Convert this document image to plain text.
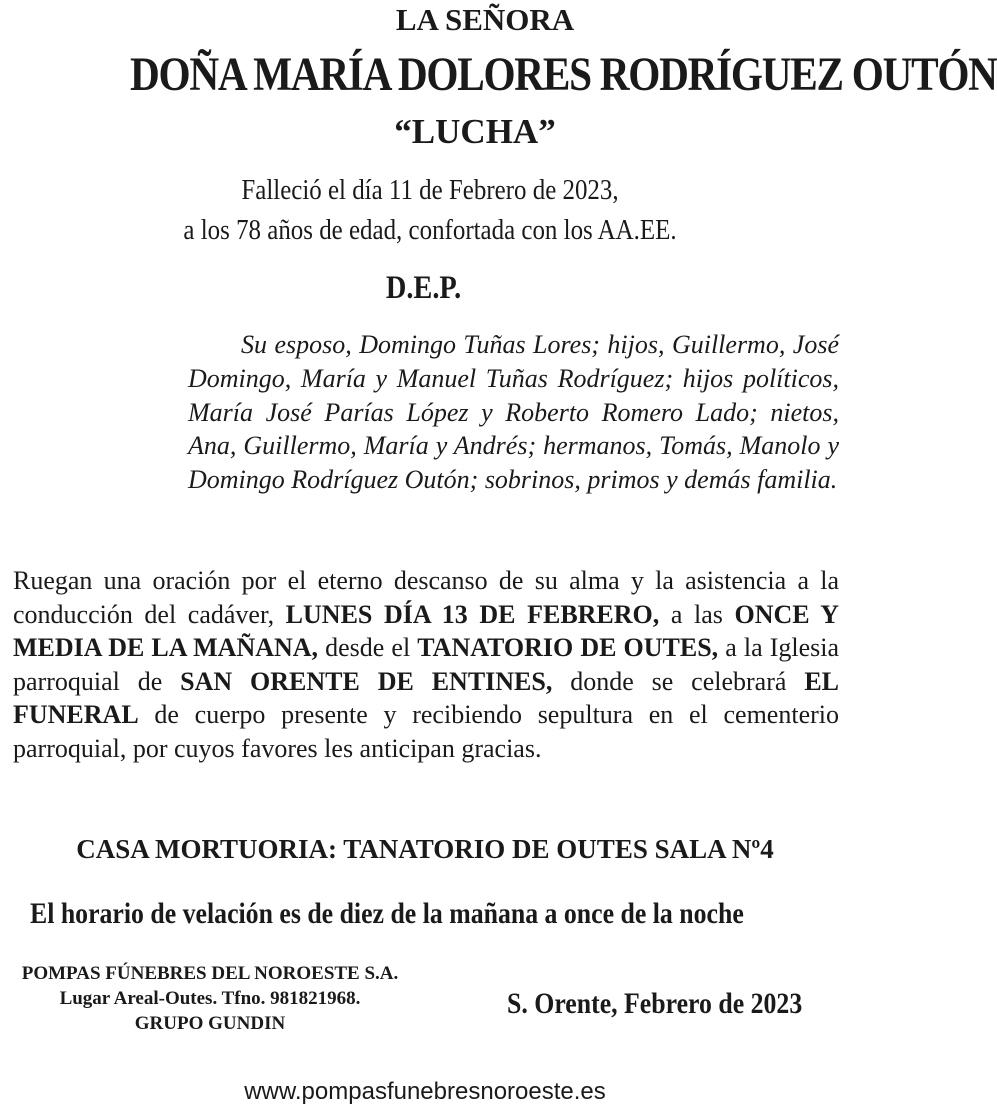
LA SEÑORA
DOÑA MARÍA DOLORES RODRÍGUEZ OUTÓN
“LUCHA”
Falleció el día 11 de Febrero de 2023,
a los 78 años de edad, confortada con los AA.EE.
D.E.P.
Su esposo, Domingo Tuñas Lores; hijos, Guillermo, José Domingo, María y Manuel Tuñas Rodríguez; hijos políticos, María José Parías López y Roberto Romero Lado; nietos, Ana, Guillermo, María y Andrés; hermanos, Tomás, Manolo y Domingo Rodríguez Outón; sobrinos, primos y demás familia.
Ruegan una oración por el eterno descanso de su alma y la asistencia a la conducción del cadáver, LUNES DÍA 13 DE FEBRERO, a las ONCE Y MEDIA DE LA MAÑANA, desde el TANATORIO DE OUTES, a la Iglesia parroquial de SAN ORENTE DE ENTINES, donde se celebrará EL FUNERAL de cuerpo presente y recibiendo sepultura en el cementerio parroquial, por cuyos favores les anticipan gracias.
CASA MORTUORIA: TANATORIO DE OUTES SALA Nº4
El horario de velación es de diez de la mañana a once de la noche
POMPAS FÚNEBRES DEL NOROESTE S.A.
Lugar Areal-Outes. Tfno. 981821968.
GRUPO GUNDIN
S. Orente, Febrero de 2023
www.pompasfunebresnoroeste.es
